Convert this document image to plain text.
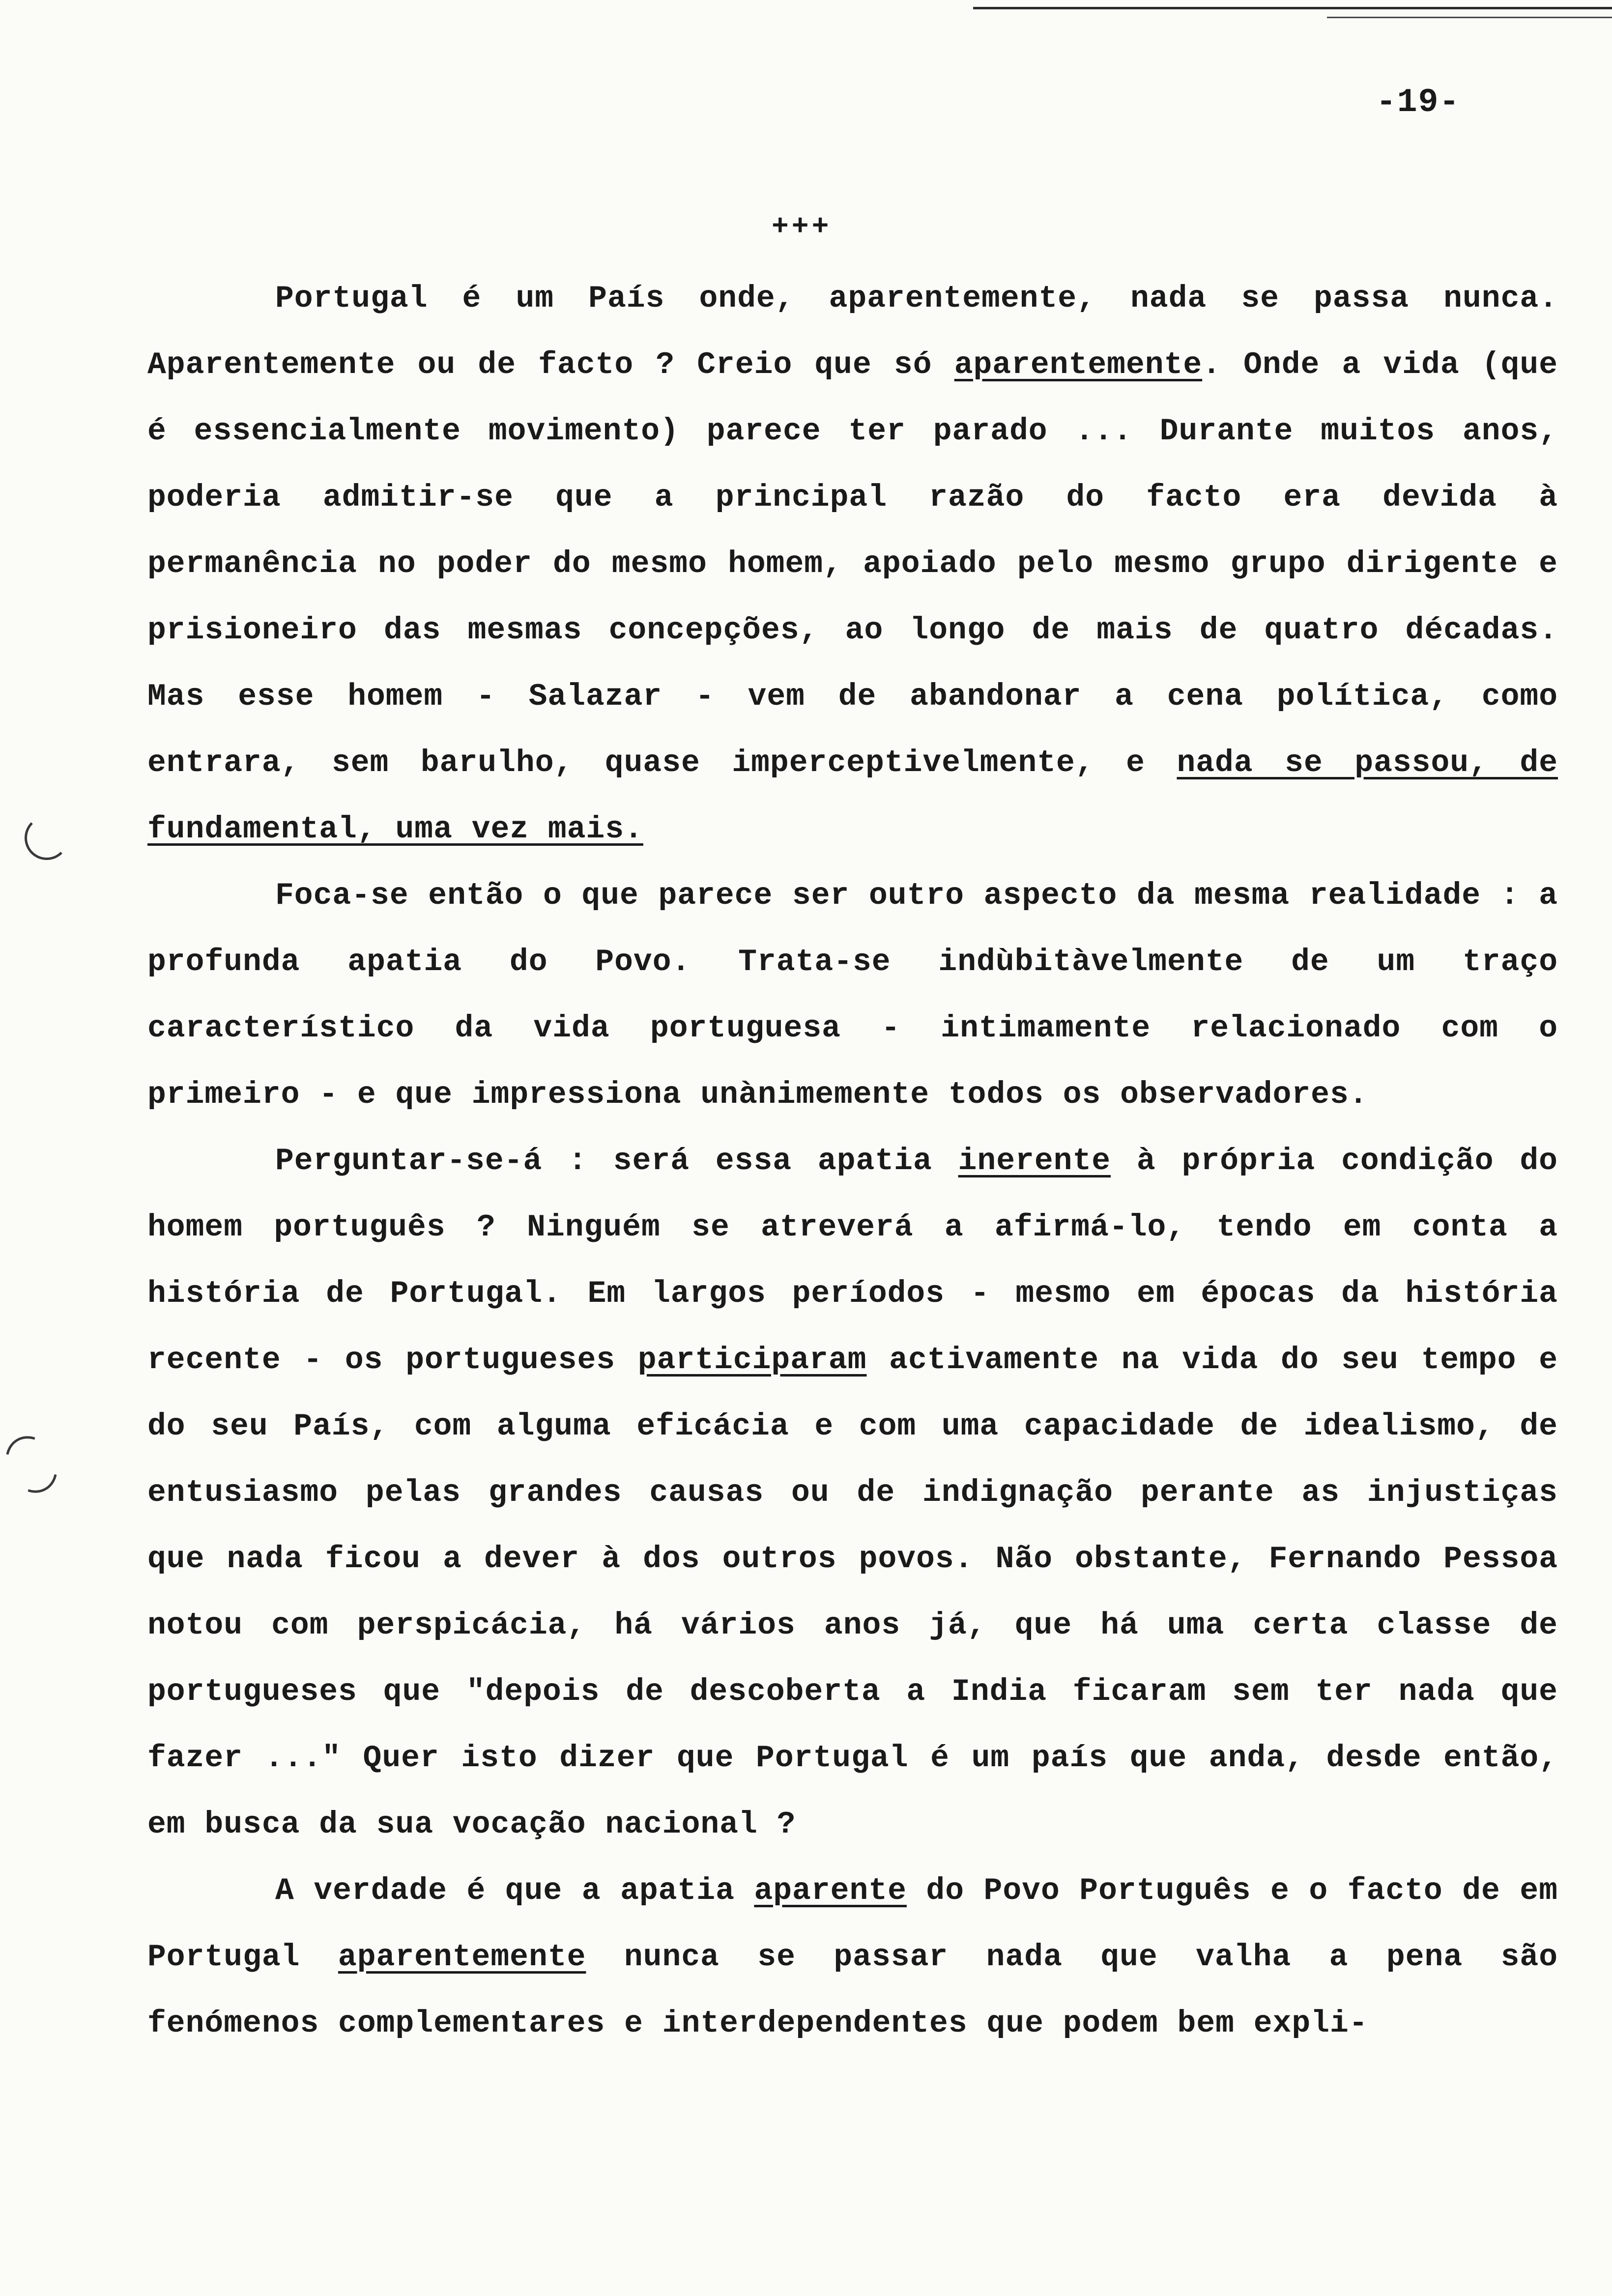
-19-
+++

Portugal é um País onde, aparentemente, nada se passa nunca. Aparentemente ou de facto ? Creio que só aparentemente. Onde a vida (que é essencialmente movimento) parece ter parado ... Durante muitos anos, poderia admitir-se que a principal razão do facto era devida à permanência no poder do mesmo homem, apoiado pelo mesmo grupo dirigente e prisioneiro das mesmas concepções, ao longo de mais de quatro décadas. Mas esse homem - Salazar - vem de abandonar a cena política, como entrara, sem barulho, quase imperceptivelmente, e nada se passou, de fundamental, uma vez mais.

Foca-se então o que parece ser outro aspecto da mesma realidade : a profunda apatia do Povo. Trata-se indùbitàvelmente de um traço característico da vida portuguesa - intimamente relacionado com o primeiro - e que impressiona unànimemente todos os observadores.

Perguntar-se-á : será essa apatia inerente à própria condição do homem português ? Ninguém se atreverá a afirmá-lo, tendo em conta a história de Portugal. Em largos períodos - mesmo em épocas da história recente - os portugueses participaram activamente na vida do seu tempo e do seu País, com alguma eficácia e com uma capacidade de idealismo, de entusiasmo pelas grandes causas ou de indignação perante as injustiças que nada ficou a dever à dos outros povos. Não obstante, Fernando Pessoa notou com perspicácia, há vários anos já, que há uma certa classe de portugueses que "depois de descoberta a India ficaram sem ter nada que fazer ..." Quer isto dizer que Portugal é um país que anda, desde então, em busca da sua vocação nacional ?

A verdade é que a apatia aparente do Povo Português e o facto de em Portugal aparentemente nunca se passar nada que valha a pena são fenómenos complementares e interdependentes que podem bem expli-
